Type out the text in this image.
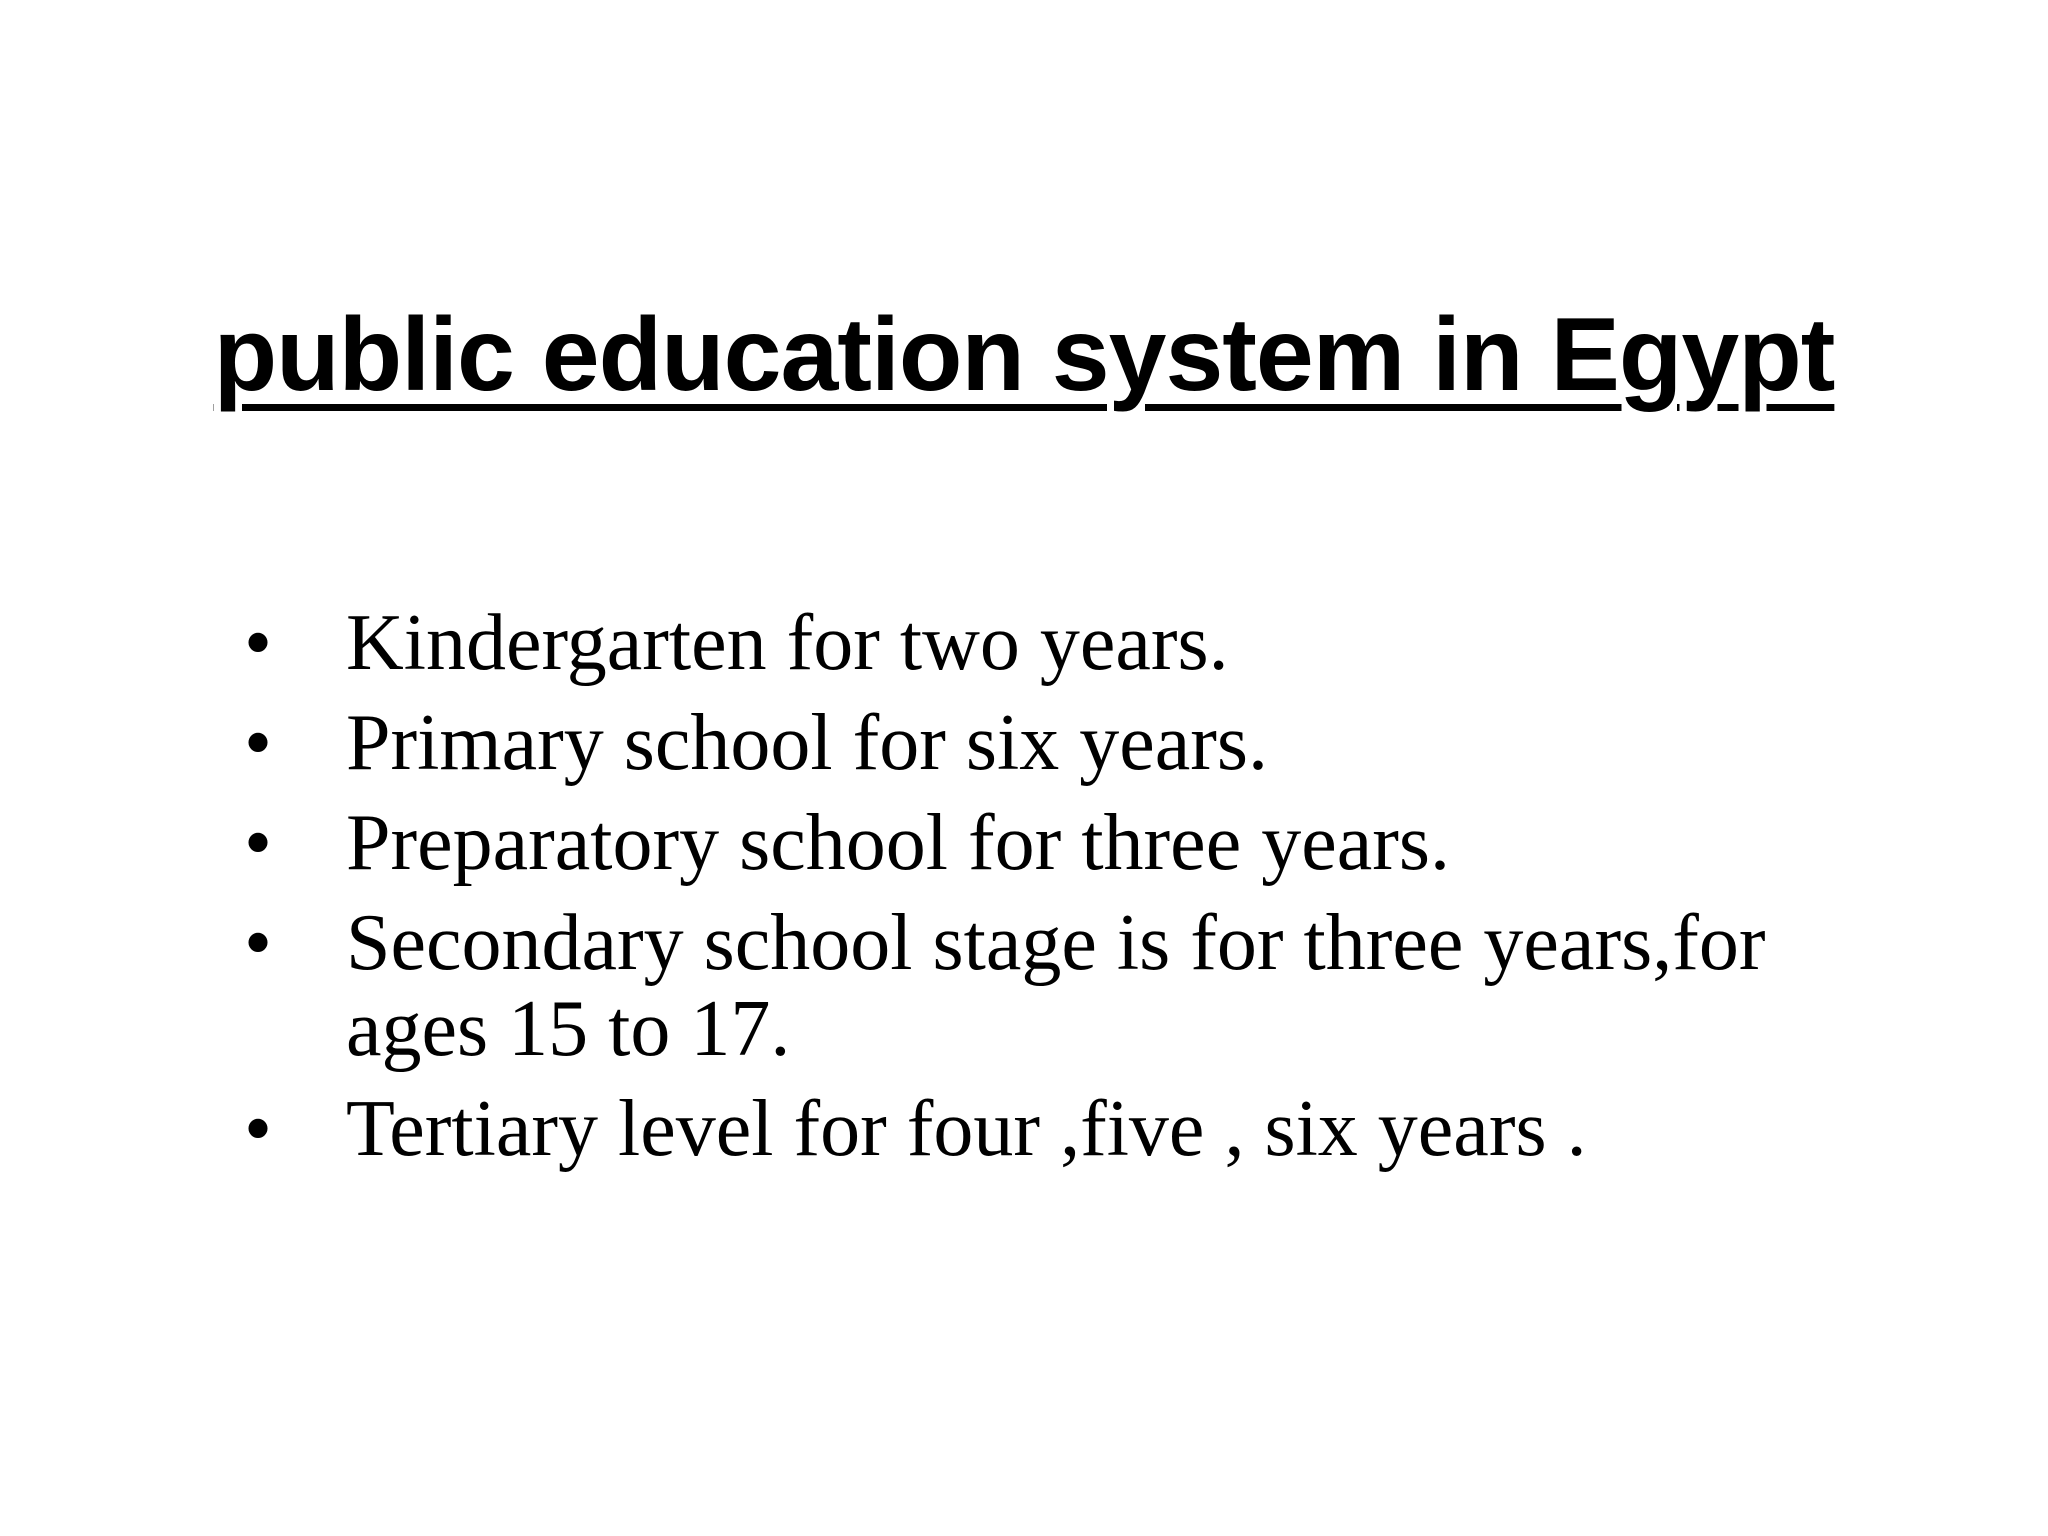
public education system in Egypt
• Kindergarten for two years.
• Primary school for six years.
• Preparatory school for three years.
• Secondary school stage is for three years,for ages 15 to 17.
• Tertiary level for four ,five , six years .
